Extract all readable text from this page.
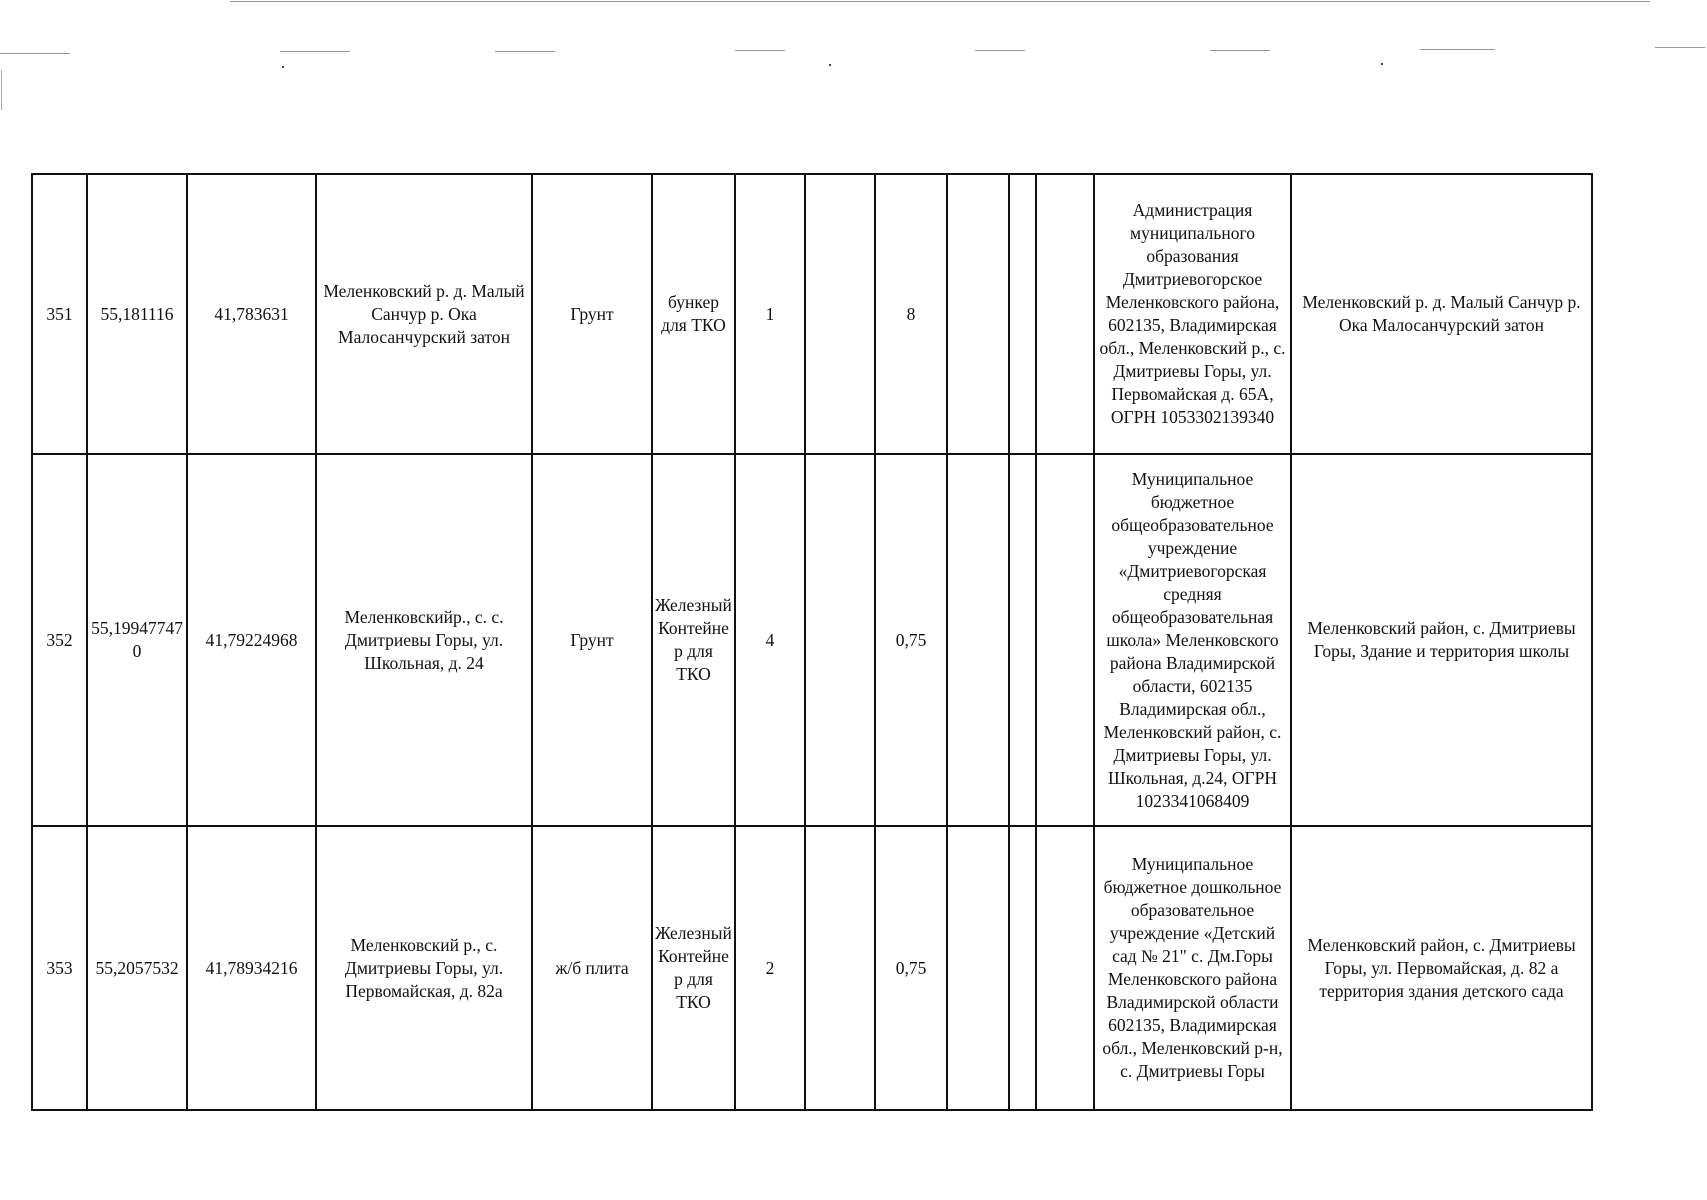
351	55,181116	41,783631	Меленковский р. д. Малый Санчур р. Ока Малосанчурский затон	Грунт	бункер для ТКО	1		8				Администрация муниципального образования Дмитриевогорское Меленковского района, 602135, Владимирская обл., Меленковский р., с. Дмитриевы Горы, ул. Первомайская д. 65А, ОГРН 1053302139340	Меленковский р. д. Малый Санчур р. Ока Малосанчурский затон
352	55,199477470	41,79224968	Меленковскийр., с. с. Дмитриевы Горы, ул. Школьная, д. 24	Грунт	Железный Контейнер для ТКО	4		0,75				Муниципальное бюджетное общеобразовательное учреждение «Дмитриевогорская средняя общеобразовательная школа» Меленковского района Владимирской области, 602135 Владимирская обл., Меленковский район, с. Дмитриевы Горы, ул. Школьная, д.24, ОГРН 1023341068409	Меленковский район, с. Дмитриевы Горы, Здание и территория школы
353	55,2057532	41,78934216	Меленковский р., с. Дмитриевы Горы, ул. Первомайская, д. 82а	ж/б плита	Железный Контейнер для ТКО	2		0,75				Муниципальное бюджетное дошкольное образовательное учреждение «Детский сад № 21" с. Дм.Горы Меленковского района Владимирской области 602135, Владимирская обл., Меленковский р-н, с. Дмитриевы Горы	Меленковский район, с. Дмитриевы Горы, ул. Первомайская, д. 82 а территория здания детского сада
